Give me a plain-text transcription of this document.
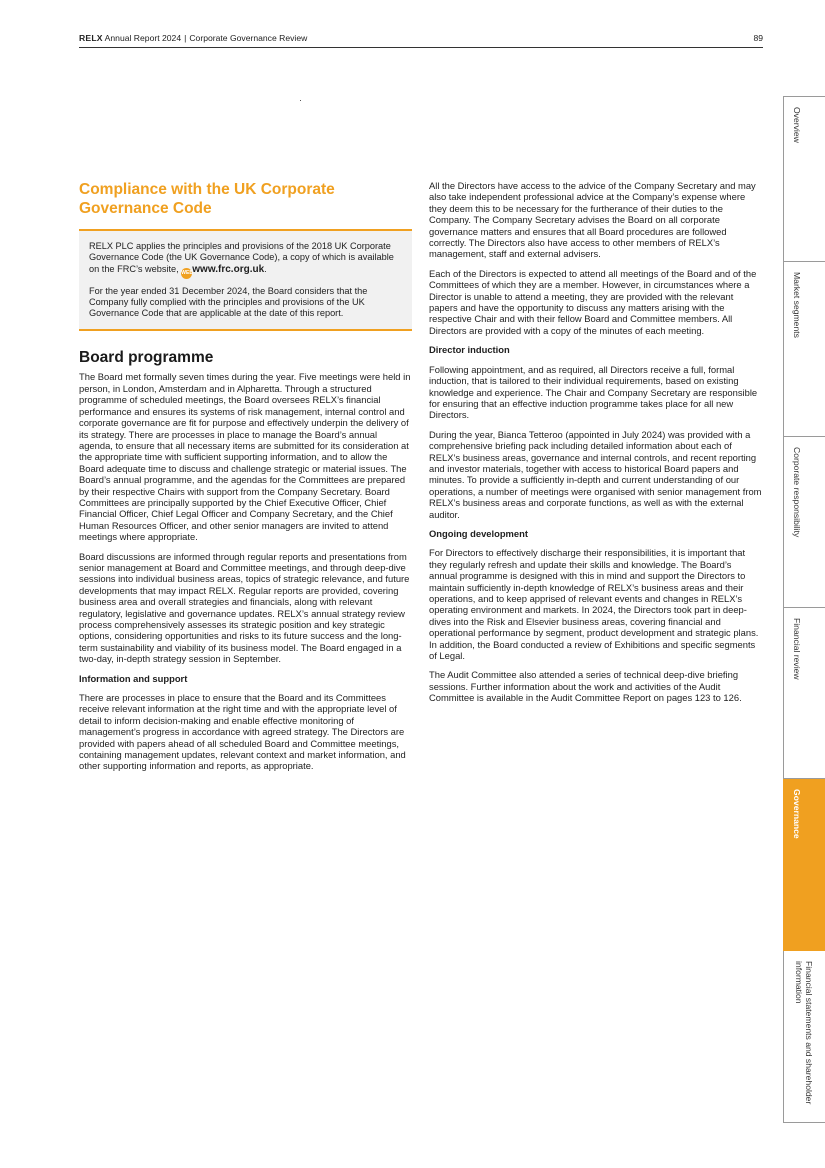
RELX Annual Report 2024 | Corporate Governance Review	89
Compliance with the UK Corporate Governance Code

RELX PLC applies the principles and provisions of the 2018 UK Corporate Governance Code (the UK Governance Code), a copy of which is available on the FRC’s website, WEBwww.frc.org.uk.

For the year ended 31 December 2024, the Board considers that the Company fully complied with the principles and provisions of the UK Governance Code that are applicable at the date of this report.

Board programme

The Board met formally seven times during the year. Five meetings were held in person, in London, Amsterdam and in Alpharetta. Through a structured programme of scheduled meetings, the Board oversees RELX’s financial performance and ensures its systems of risk management, internal control and corporate governance are fit for purpose and effectively underpin the delivery of its strategy. There are processes in place to manage the Board’s annual agenda, to ensure that all necessary items are submitted for its consideration at the appropriate time with sufficient supporting information, and to allow the Board adequate time to discuss and challenge strategic or material issues. The Board’s annual programme, and the agendas for the Committees are prepared by their respective Chairs with support from the Company Secretary. Board Committees are principally supported by the Chief Executive Officer, Chief Financial Officer, Chief Legal Officer and Company Secretary, and the Chief Human Resources Officer, and other senior managers are invited to attend meetings where appropriate.

Board discussions are informed through regular reports and presentations from senior management at Board and Committee meetings, and through deep-dive sessions into individual business areas, topics of strategic relevance, and future developments that may impact RELX. Regular reports are provided, covering business area and overall strategies and financials, along with relevant regulatory, legislative and governance updates. RELX’s annual strategy review process comprehensively assesses its strategic position and key strategic options, considering opportunities and risks to its future success and the long-term sustainability and viability of its business model. The Board engaged in a two-day, in-depth strategy session in September.

Information and support

There are processes in place to ensure that the Board and its Committees receive relevant information at the right time and with the appropriate level of detail to inform decision-making and enable effective monitoring of management’s progress in accordance with agreed strategy. The Directors are provided with papers ahead of all scheduled Board and Committee meetings, containing management updates, relevant context and market information, and other supporting information and reports, as appropriate.

All the Directors have access to the advice of the Company Secretary and may also take independent professional advice at the Company’s expense where they deem this to be necessary for the furtherance of their duties to the Company. The Company Secretary advises the Board on all corporate governance matters and ensures that all Board procedures are followed correctly. The Directors also have access to other members of RELX’s management, staff and external advisers.

Each of the Directors is expected to attend all meetings of the Board and of the Committees of which they are a member. However, in circumstances where a Director is unable to attend a meeting, they are provided with the relevant papers and have the opportunity to discuss any matters arising with the respective Chair and with their fellow Board and Committee members. All Directors are provided with a copy of the minutes of each meeting.

Director induction

Following appointment, and as required, all Directors receive a full, formal induction, that is tailored to their individual requirements, based on existing knowledge and experience. The Chair and Company Secretary are responsible for ensuring that an effective induction programme takes place for all new Directors.

During the year, Bianca Tetteroo (appointed in July 2024) was provided with a comprehensive briefing pack including detailed information about each of RELX’s business areas, governance and internal controls, and recent reporting and investor materials, together with access to historical Board papers and minutes. To provide a sufficiently in-depth and current understanding of our operations, a number of meetings were organised with senior management from RELX’s business areas and corporate functions, as well as with the external auditor.

Ongoing development

For Directors to effectively discharge their responsibilities, it is important that they regularly refresh and update their skills and knowledge. The Board’s annual programme is designed with this in mind and support the Directors to maintain sufficiently in-depth knowledge of RELX’s business areas and their operations, and to keep apprised of relevant events and changes in RELX’s operating environment and markets. In 2024, the Directors took part in deep-dives into the Risk and Elsevier business areas, covering financial and operational performance by segment, product development and strategic plans. In addition, the Board conducted a review of Exhibitions and specific segments of Legal.

The Audit Committee also attended a series of technical deep-dive briefing sessions. Further information about the work and activities of the Audit Committee is available in the Audit Committee Report on pages 123 to 126.

Overview
Market segments
Corporate responsibility
Financial review
Governance
Financial statements and shareholder information
